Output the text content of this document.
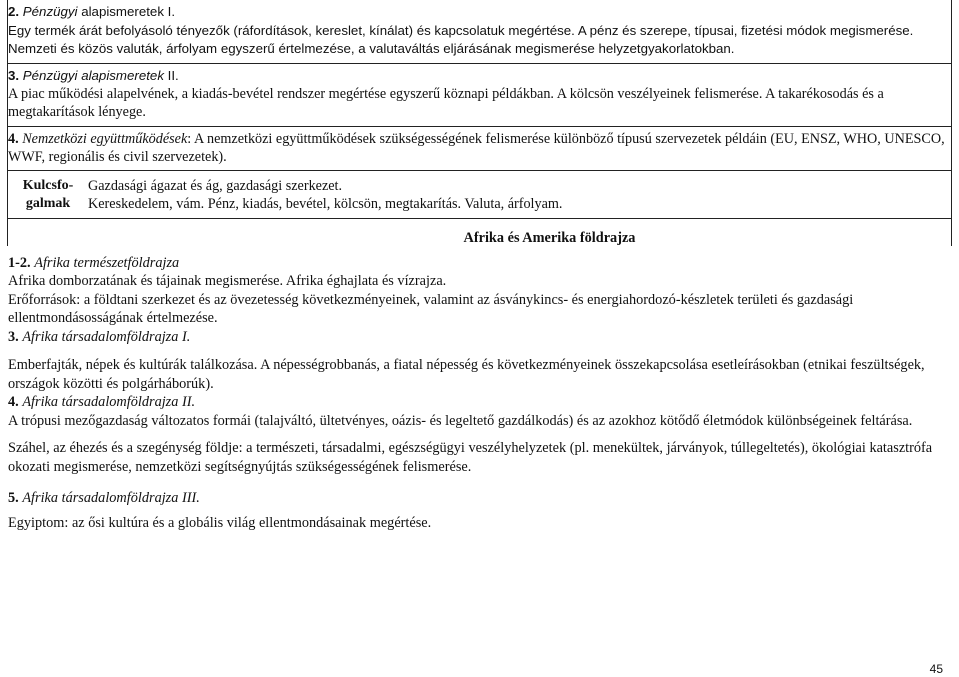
2. Pénzügyi alapismeretek I.
Egy termék árát befolyásoló tényezők (ráfordítások, kereslet, kínálat) és kapcsolatuk megértése. A pénz és szerepe, típusai, fizetési módok megismerése. Nemzeti és közös valuták, árfolyam egyszerű értelmezése, a valutaváltás eljárásának megismerése helyzetgyakorlatokban.
3. Pénzügyi alapismeretek II.
A piac működési alapelvének, a kiadás-bevétel rendszer megértése egyszerű köznapi példákban. A kölcsön veszélyeinek felismerése. A takarékosodás és a megtakarítások lényege.
4. Nemzetközi együttműködések: A nemzetközi együttműködések szükségességének felismerése különböző típusú szervezetek példáin (EU, ENSZ, WHO, UNESCO, WWF, regionális és civil szervezetek).
Kulcsfo-
galmak
Gazdasági ágazat és ág, gazdasági szerkezet.
Kereskedelem, vám. Pénz, kiadás, bevétel, kölcsön, megtakarítás. Valuta, árfolyam.
Afrika és Amerika földrajza

1-2. Afrika természetföldrajza

Afrika domborzatának és tájainak megismerése. Afrika éghajlata és vízrajza.

Erőforrások: a földtani szerkezet és az övezetesség következményeinek, valamint az ásványkincs- és energiahordozó-készletek területi és gazdasági ellentmondásosságának értelmezése.

3. Afrika társadalomföldrajza I.

Emberfajták, népek és kultúrák találkozása. A népességrobbanás, a fiatal népesség és következményeinek összekapcsolása esetleírásokban (etnikai feszültségek, országok közötti és polgárháborúk).

4. Afrika társadalomföldrajza II.

A trópusi mezőgazdaság változatos formái (talajváltó, ültetvényes, oázis- és legeltető gazdálkodás) és az azokhoz kötődő életmódok különbségeinek feltárása.

Száhel, az éhezés és a szegénység földje: a természeti, társadalmi, egészségügyi veszélyhelyzetek (pl. menekültek, járványok, túllegeltetés), ökológiai katasztrófa okozati megismerése, nemzetközi segítségnyújtás szükségességének felismerése.

5. Afrika társadalomföldrajza III.

Egyiptom: az ősi kultúra és a globális világ ellentmondásainak megértése.

45
